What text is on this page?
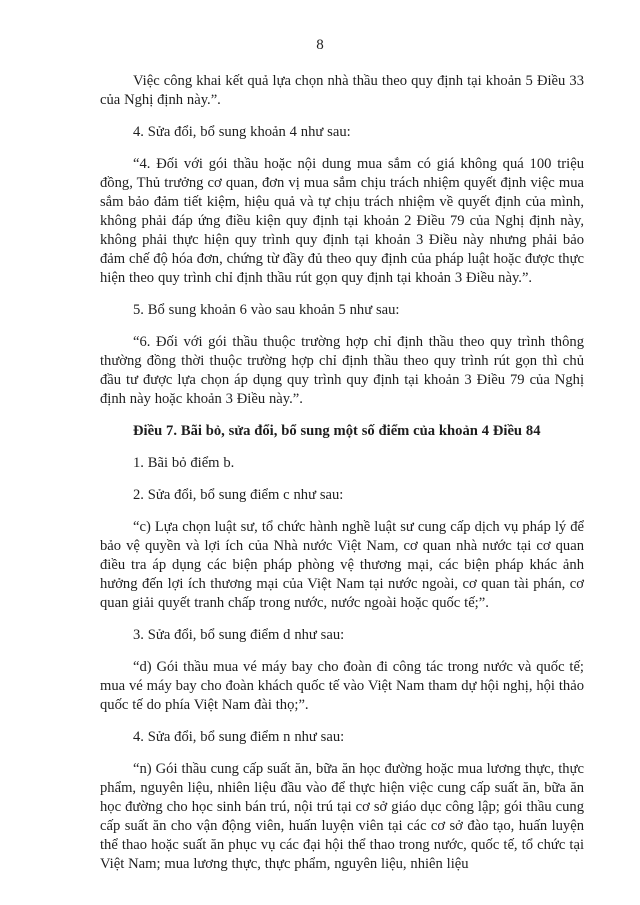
8

Việc công khai kết quả lựa chọn nhà thầu theo quy định tại khoản 5 Điều 33 của Nghị định này.”.

4. Sửa đổi, bổ sung khoản 4 như sau:

“4. Đối với gói thầu hoặc nội dung mua sắm có giá không quá 100 triệu đồng, Thủ trưởng cơ quan, đơn vị mua sắm chịu trách nhiệm quyết định việc mua sắm bảo đảm tiết kiệm, hiệu quả và tự chịu trách nhiệm về quyết định của mình, không phải đáp ứng điều kiện quy định tại khoản 2 Điều 79 của Nghị định này, không phải thực hiện quy trình quy định tại khoản 3 Điều này nhưng phải bảo đảm chế độ hóa đơn, chứng từ đầy đủ theo quy định của pháp luật hoặc được thực hiện theo quy trình chỉ định thầu rút gọn quy định tại khoản 3 Điều này.”.

5. Bổ sung khoản 6 vào sau khoản 5 như sau:

“6. Đối với gói thầu thuộc trường hợp chỉ định thầu theo quy trình thông thường đồng thời thuộc trường hợp chỉ định thầu theo quy trình rút gọn thì chủ đầu tư được lựa chọn áp dụng quy trình quy định tại khoản 3 Điều 79 của Nghị định này hoặc khoản 3 Điều này.”.

Điều 7. Bãi bỏ, sửa đổi, bổ sung một số điểm của khoản 4 Điều 84

1. Bãi bỏ điểm b.

2. Sửa đổi, bổ sung điểm c như sau:

“c) Lựa chọn luật sư, tổ chức hành nghề luật sư cung cấp dịch vụ pháp lý để bảo vệ quyền và lợi ích của Nhà nước Việt Nam, cơ quan nhà nước tại cơ quan điều tra áp dụng các biện pháp phòng vệ thương mại, các biện pháp khác ảnh hưởng đến lợi ích thương mại của Việt Nam tại nước ngoài, cơ quan tài phán, cơ quan giải quyết tranh chấp trong nước, nước ngoài hoặc quốc tế;”.

3. Sửa đổi, bổ sung điểm d như sau:

“d) Gói thầu mua vé máy bay cho đoàn đi công tác trong nước và quốc tế; mua vé máy bay cho đoàn khách quốc tế vào Việt Nam tham dự hội nghị, hội thảo quốc tế do phía Việt Nam đài thọ;”.

4. Sửa đổi, bổ sung điểm n như sau:

“n) Gói thầu cung cấp suất ăn, bữa ăn học đường hoặc mua lương thực, thực phẩm, nguyên liệu, nhiên liệu đầu vào để thực hiện việc cung cấp suất ăn, bữa ăn học đường cho học sinh bán trú, nội trú tại cơ sở giáo dục công lập; gói thầu cung cấp suất ăn cho vận động viên, huấn luyện viên tại các cơ sở đào tạo, huấn luyện thể thao hoặc suất ăn phục vụ các đại hội thể thao trong nước, quốc tế, tổ chức tại Việt Nam; mua lương thực, thực phẩm, nguyên liệu, nhiên liệu
